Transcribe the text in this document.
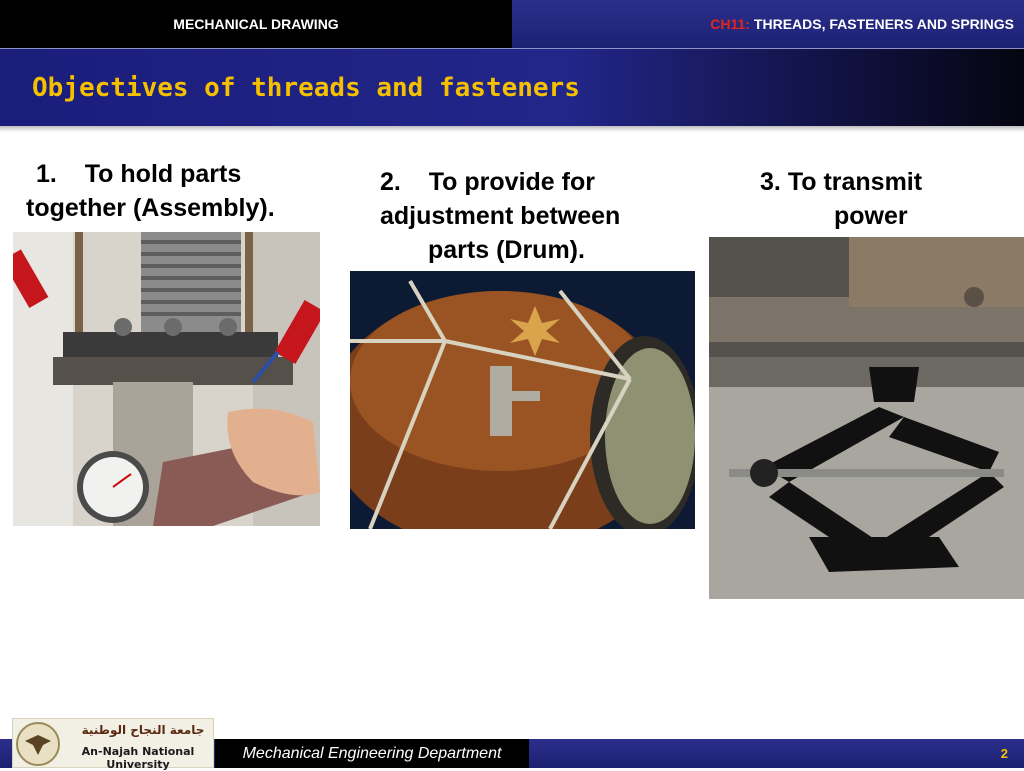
MECHANICAL DRAWING	CH11: THREADS, FASTENERS AND SPRINGS
Objectives of threads and fasteners
1. To hold parts
together (Assembly).
2. To provide for
adjustment between
parts (Drum).
3. To transmit
power
Mechanical Engineering Department	2
جامعة النجاح الوطنية
An-Najah National University
